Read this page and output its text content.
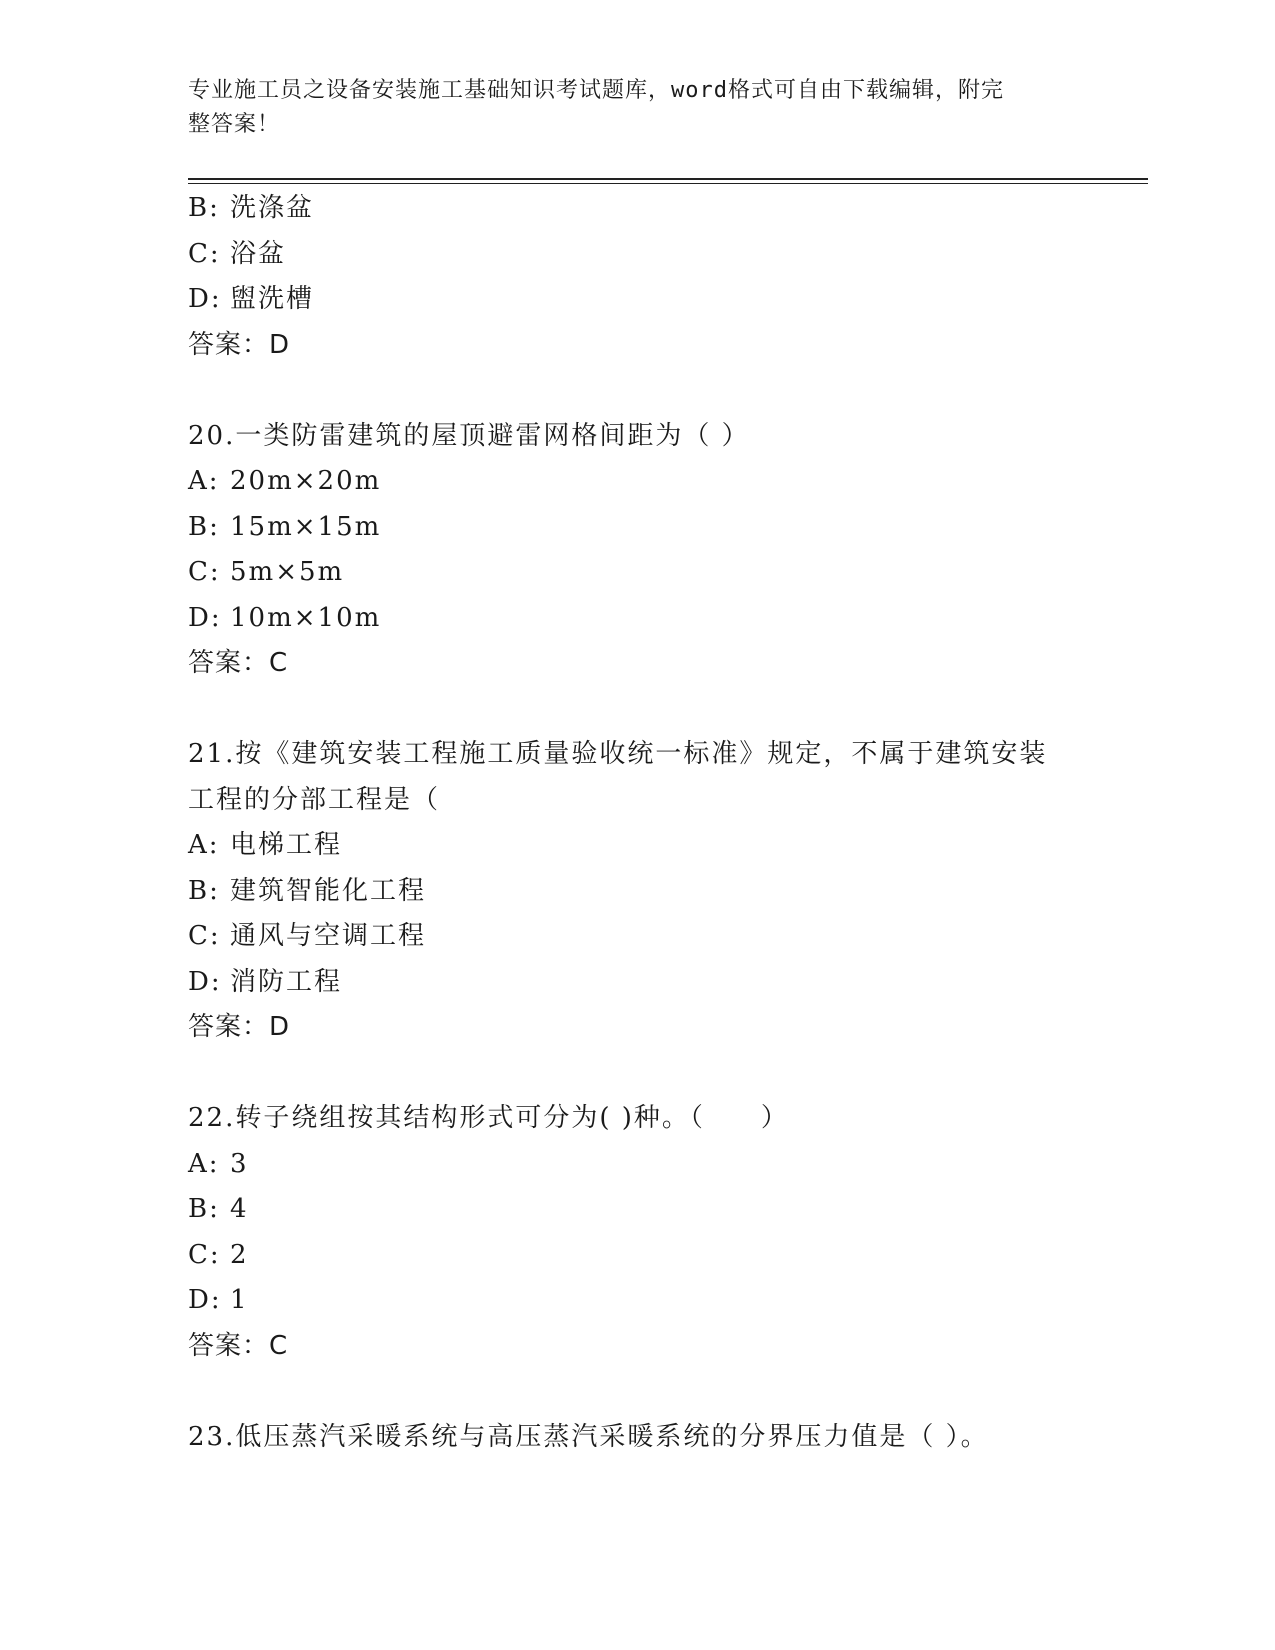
专业施工员之设备安装施工基础知识考试题库，word格式可自由下载编辑，附完
整答案！
B: 洗涤盆
C: 浴盆
D: 盥洗槽
答案：D
20.一类防雷建筑的屋顶避雷网格间距为（ ）
A: 20m×20m
B: 15m×15m
C: 5m×5m
D: 10m×10m
答案：C
21.按《建筑安装工程施工质量验收统一标准》规定，不属于建筑安装
工程的分部工程是（
A: 电梯工程
B: 建筑智能化工程
C: 通风与空调工程
D: 消防工程
答案：D
22.转子绕组按其结构形式可分为( )种。（　　）
A: 3
B: 4
C: 2
D: 1
答案：C
23.低压蒸汽采暖系统与高压蒸汽采暖系统的分界压力值是（ ）。
